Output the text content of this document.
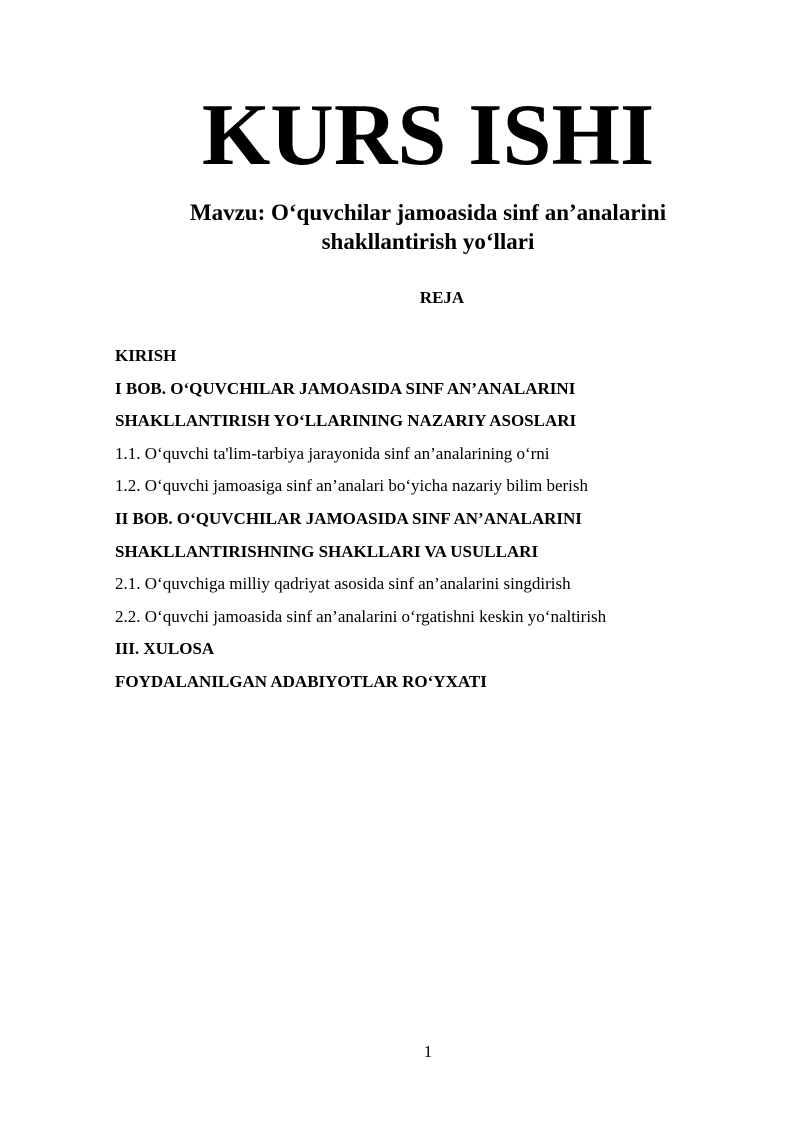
KURS ISHI
Mavzu: O‘quvchilar jamoasida sinf an’analarini
shakllantirish yo‘llari
REJA
KIRISH
I BOB. O‘QUVCHILAR JAMOASIDA SINF AN’ANALARINI
SHAKLLANTIRISH YO‘LLARINING NAZARIY ASOSLARI
1.1. O‘quvchi ta'lim-tarbiya jarayonida sinf an’analarining o‘rni
1.2. O‘quvchi jamoasiga sinf an’analari bo‘yicha nazariy bilim berish
II BOB. O‘QUVCHILAR JAMOASIDA SINF AN’ANALARINI
SHAKLLANTIRISHNING SHAKLLARI VA USULLARI
2.1. O‘quvchiga milliy qadriyat asosida sinf an’analarini singdirish
2.2. O‘quvchi jamoasida sinf an’analarini o‘rgatishni keskin yo‘naltirish
III. XULOSA
FOYDALANILGAN ADABIYOTLAR RO‘YXATI
1
